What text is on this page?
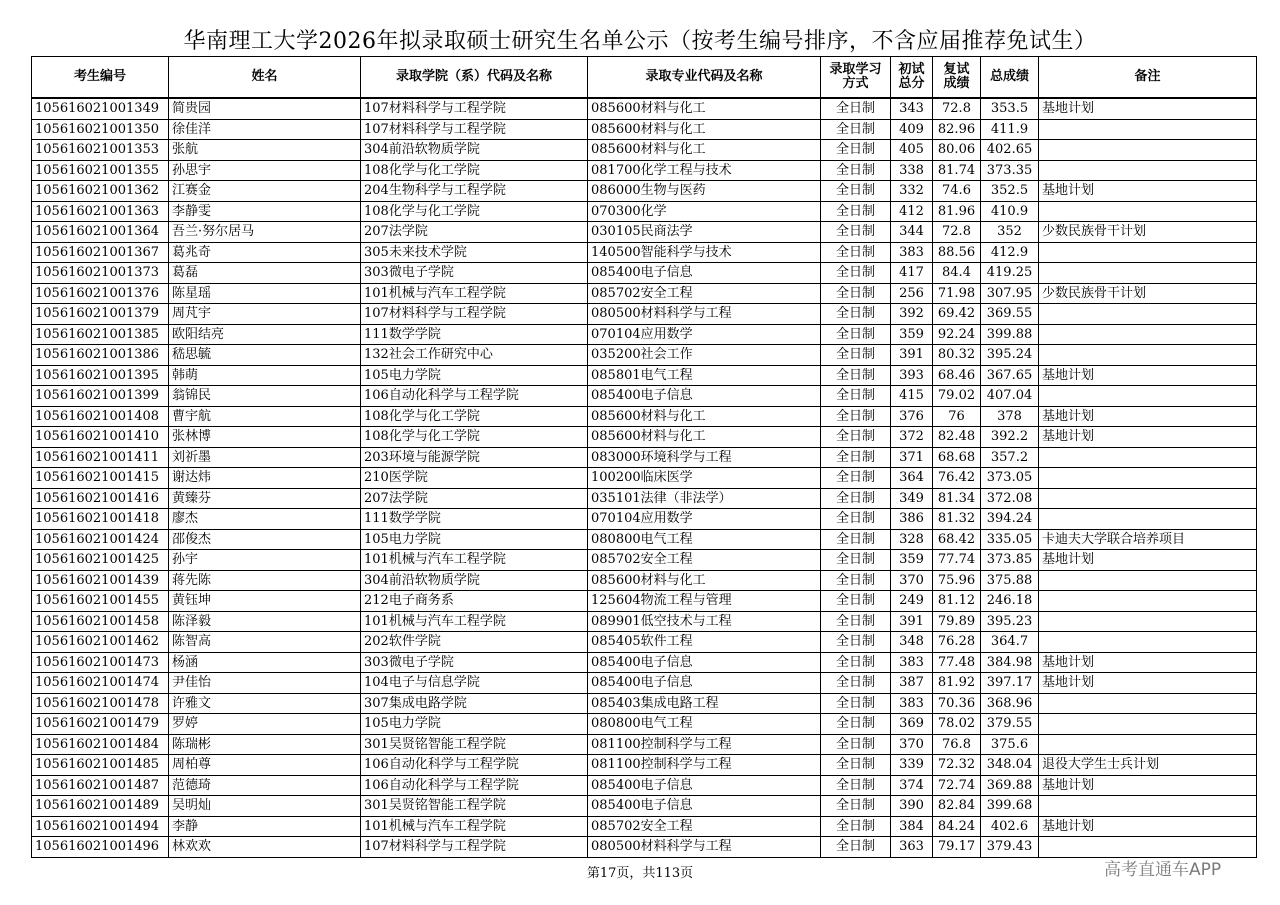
华南理工大学2026年拟录取硕士研究生名单公示（按考生编号排序，不含应届推荐免试生）
考生编号	姓名	录取学院（系）代码及名称	录取专业代码及名称	录取学习方式	初试总分	复试成绩	总成绩	备注
105616021001349	简贵园	107材料科学与工程学院	085600材料与化工	全日制	343	72.8	353.5	基地计划
105616021001350	徐佳洋	107材料科学与工程学院	085600材料与化工	全日制	409	82.96	411.9	
105616021001353	张航	304前沿软物质学院	085600材料与化工	全日制	405	80.06	402.65	
105616021001355	孙思宇	108化学与化工学院	081700化学工程与技术	全日制	338	81.74	373.35	
105616021001362	江赛金	204生物科学与工程学院	086000生物与医药	全日制	332	74.6	352.5	基地计划
105616021001363	李静雯	108化学与化工学院	070300化学	全日制	412	81.96	410.9	
105616021001364	吾兰·努尔居马	207法学院	030105民商法学	全日制	344	72.8	352	少数民族骨干计划
105616021001367	葛兆奇	305未来技术学院	140500智能科学与技术	全日制	383	88.56	412.9	
105616021001373	葛磊	303微电子学院	085400电子信息	全日制	417	84.4	419.25	
105616021001376	陈星瑶	101机械与汽车工程学院	085702安全工程	全日制	256	71.98	307.95	少数民族骨干计划
105616021001379	周芃宇	107材料科学与工程学院	080500材料科学与工程	全日制	392	69.42	369.55	
105616021001385	欧阳结亮	111数学学院	070104应用数学	全日制	359	92.24	399.88	
105616021001386	嵇思毓	132社会工作研究中心	035200社会工作	全日制	391	80.32	395.24	
105616021001395	韩萌	105电力学院	085801电气工程	全日制	393	68.46	367.65	基地计划
105616021001399	翁锦民	106自动化科学与工程学院	085400电子信息	全日制	415	79.02	407.04	
105616021001408	曹宇航	108化学与化工学院	085600材料与化工	全日制	376	76	378	基地计划
105616021001410	张林博	108化学与化工学院	085600材料与化工	全日制	372	82.48	392.2	基地计划
105616021001411	刘祈墨	203环境与能源学院	083000环境科学与工程	全日制	371	68.68	357.2	
105616021001415	谢达炜	210医学院	100200临床医学	全日制	364	76.42	373.05	
105616021001416	黄臻芬	207法学院	035101法律（非法学）	全日制	349	81.34	372.08	
105616021001418	廖杰	111数学学院	070104应用数学	全日制	386	81.32	394.24	
105616021001424	邵俊杰	105电力学院	080800电气工程	全日制	328	68.42	335.05	卡迪夫大学联合培养项目
105616021001425	孙宇	101机械与汽车工程学院	085702安全工程	全日制	359	77.74	373.85	基地计划
105616021001439	蒋先陈	304前沿软物质学院	085600材料与化工	全日制	370	75.96	375.88	
105616021001455	黄钰坤	212电子商务系	125604物流工程与管理	全日制	249	81.12	246.18	
105616021001458	陈泽毅	101机械与汽车工程学院	089901低空技术与工程	全日制	391	79.89	395.23	
105616021001462	陈智高	202软件学院	085405软件工程	全日制	348	76.28	364.7	
105616021001473	杨涵	303微电子学院	085400电子信息	全日制	383	77.48	384.98	基地计划
105616021001474	尹佳怡	104电子与信息学院	085400电子信息	全日制	387	81.92	397.17	基地计划
105616021001478	许雅文	307集成电路学院	085403集成电路工程	全日制	383	70.36	368.96	
105616021001479	罗婷	105电力学院	080800电气工程	全日制	369	78.02	379.55	
105616021001484	陈瑞彬	301吴贤铭智能工程学院	081100控制科学与工程	全日制	370	76.8	375.6	
105616021001485	周柏尊	106自动化科学与工程学院	081100控制科学与工程	全日制	339	72.32	348.04	退役大学生士兵计划
105616021001487	范德琦	106自动化科学与工程学院	085400电子信息	全日制	374	72.74	369.88	基地计划
105616021001489	吴明灿	301吴贤铭智能工程学院	085400电子信息	全日制	390	82.84	399.68	
105616021001494	李静	101机械与汽车工程学院	085702安全工程	全日制	384	84.24	402.6	基地计划
105616021001496	林欢欢	107材料科学与工程学院	080500材料科学与工程	全日制	363	79.17	379.43	
第17页，共113页	高考直通车APP
